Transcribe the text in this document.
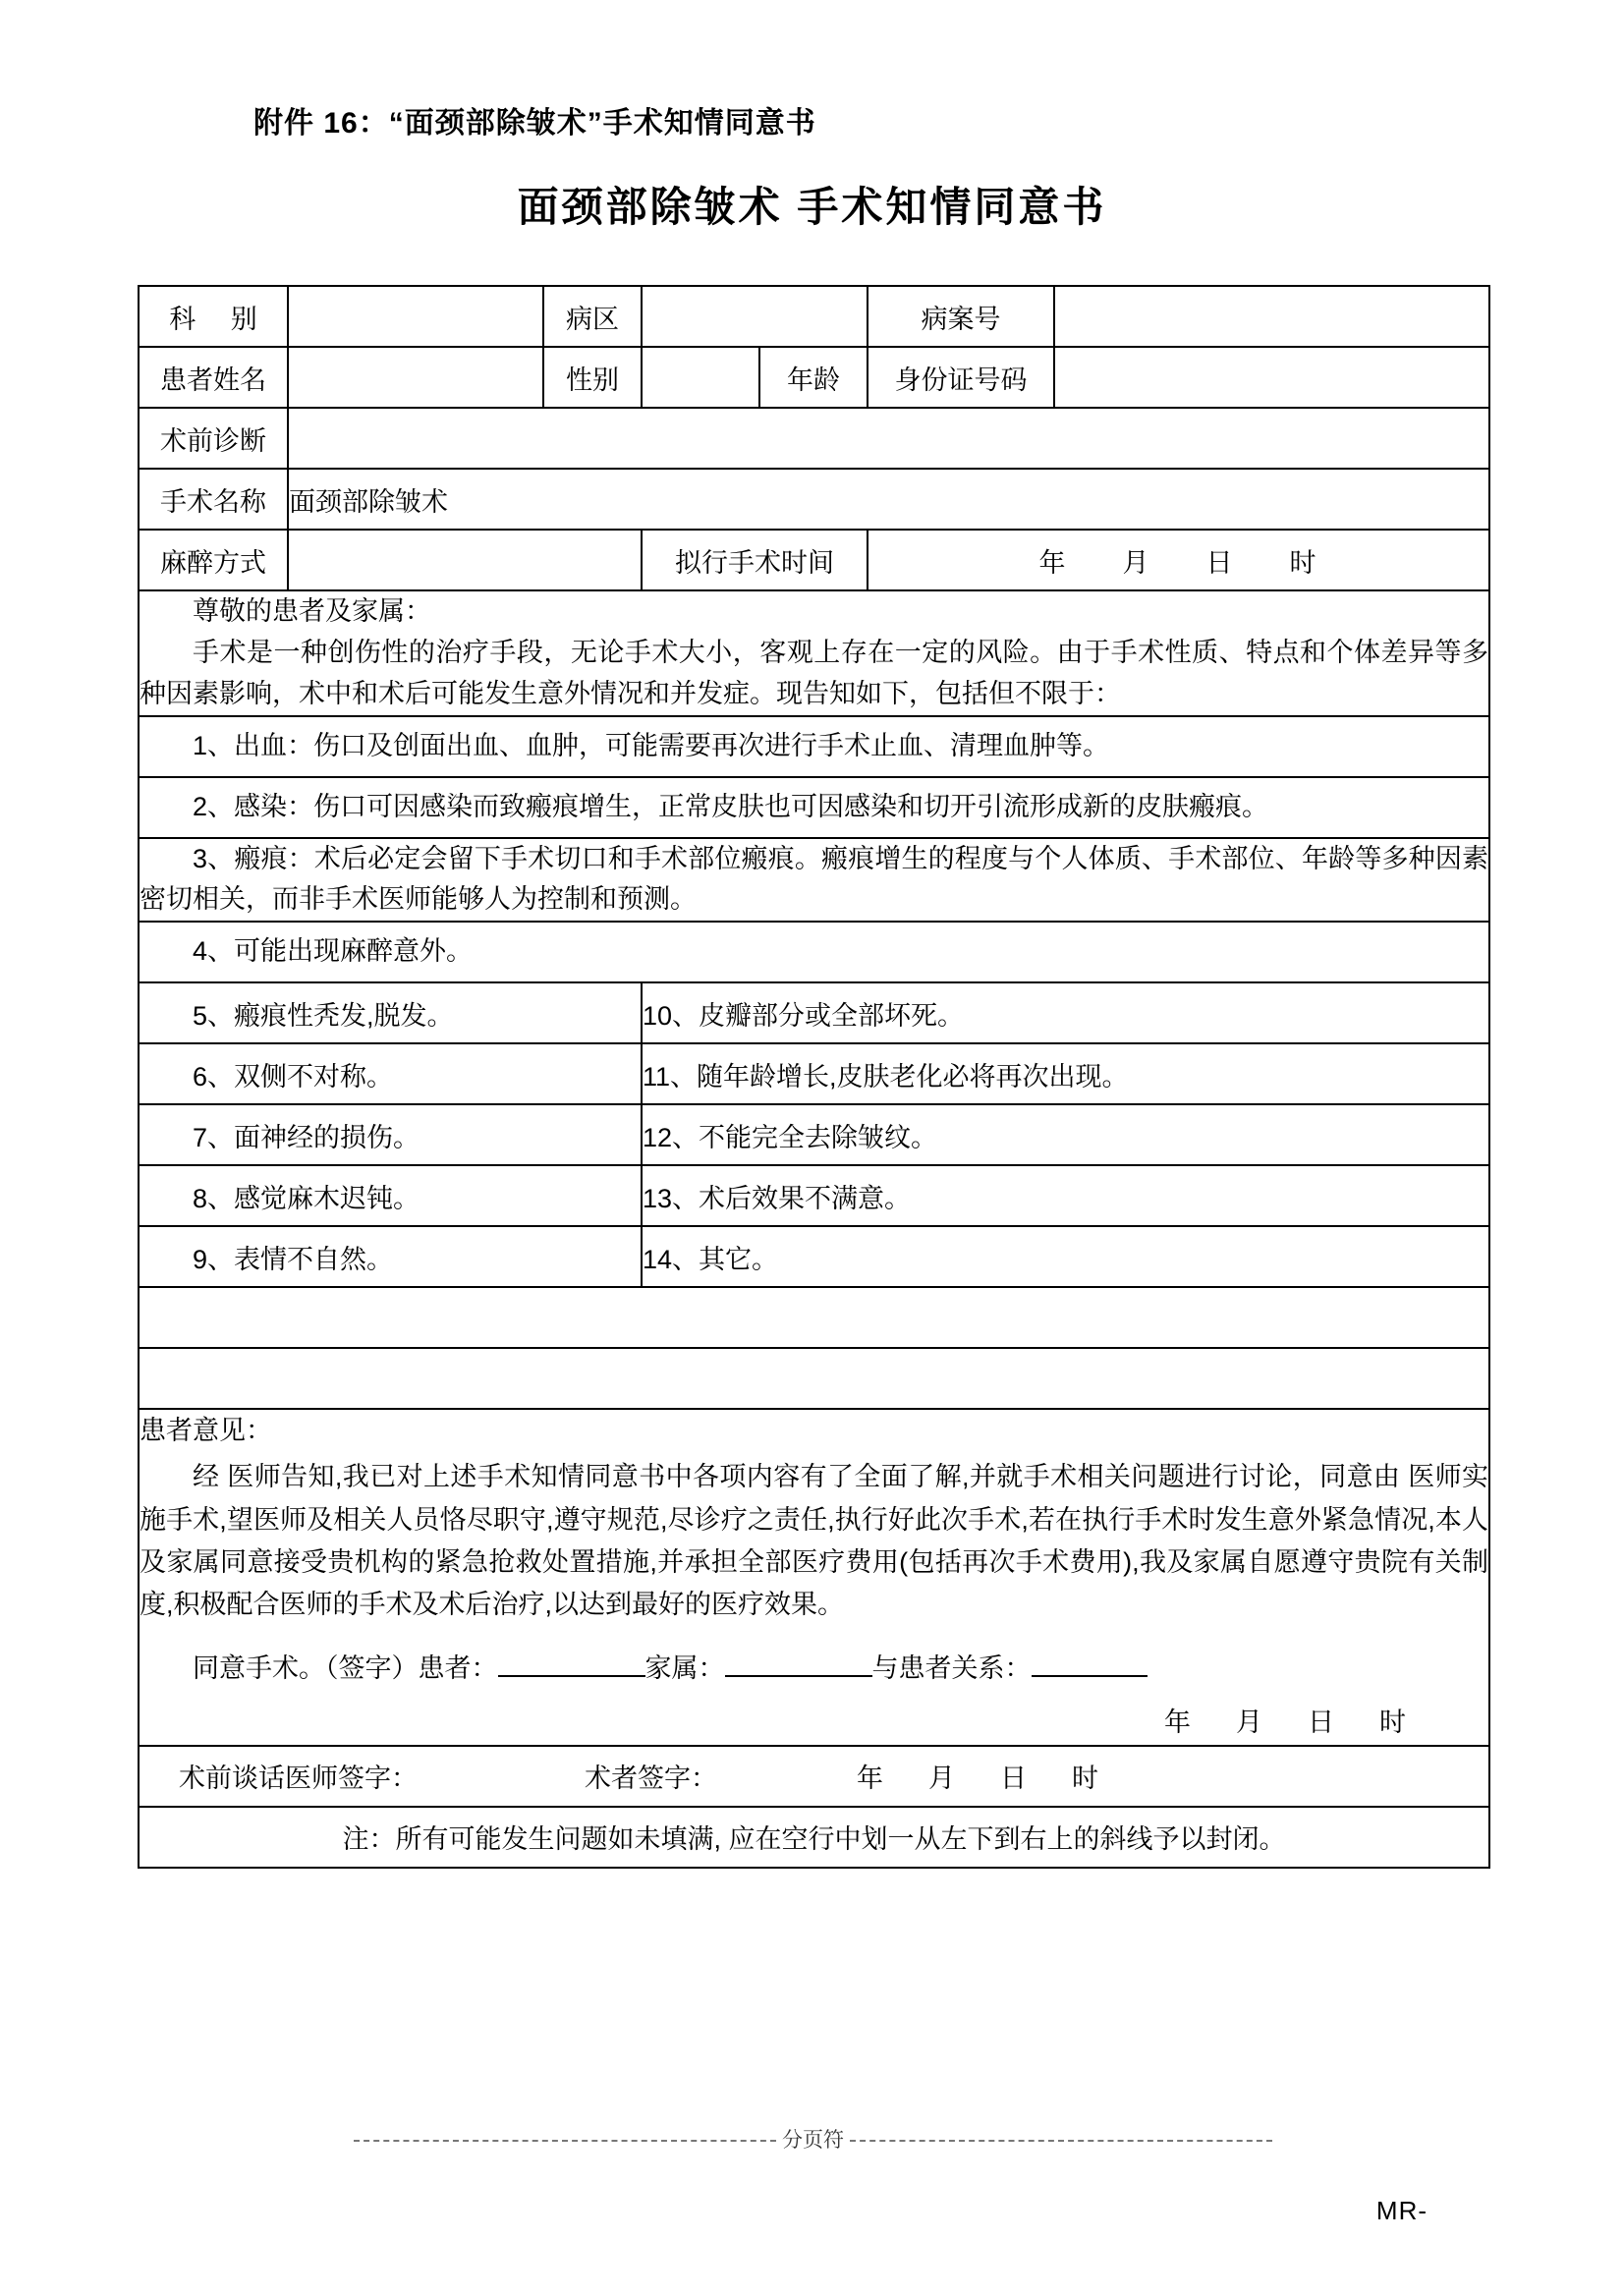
附件 16：“面颈部除皱术”手术知情同意书
面颈部除皱术 手术知情同意书
科 别		病区			病案号	
患者姓名		性别		年龄	身份证号码	
术前诊断						
手术名称	面颈部除皱术					
麻醉方式			拟行手术时间		年 月 日 时	

尊敬的患者及家属：
手术是一种创伤性的治疗手段，无论手术大小，客观上存在一定的风险。由于手术性质、特点和个体差异等多种因素影响，术中和术后可能发生意外情况和并发症。现告知如下，包括但不限于：						

1、出血：伤口及创面出血、血肿，可能需要再次进行手术止血、清理血肿等。						
2、感染：伤口可因感染而致瘢痕增生，正常皮肤也可因感染和切开引流形成新的皮肤瘢痕。						
3、瘢痕：术后必定会留下手术切口和手术部位瘢痕。瘢痕增生的程度与个人体质、手术部位、年龄等多种因素密切相关，而非手术医师能够人为控制和预测。						
4、可能出现麻醉意外。						
5、瘢痕性秃发,脱发。			10、皮瓣部分或全部坏死。			
6、双侧不对称。			11、随年龄增长,皮肤老化必将再次出现。			
7、面神经的损伤。			12、不能完全去除皱纹。			
8、感觉麻木迟钝。			13、术后效果不满意。			
9、表情不自然。			14、其它。			

患者意见：
经 医师告知,我已对上述手术知情同意书中各项内容有了全面了解,并就手术相关问题进行讨论，同意由 医师实施手术,望医师及相关人员恪尽职守,遵守规范,尽诊疗之责任,执行好此次手术,若在执行手术时发生意外紧急情况,本人及家属同意接受贵机构的紧急抢救处置措施,并承担全部医疗费用(包括再次手术费用),我及家属自愿遵守贵院有关制度,积极配合医师的手术及术后治疗,以达到最好的医疗效果。
同意手术。（签字）患者： 家属： 与患者关系：
年 月 日 时						

术前谈话医师签字： 术者签字： 年 月 日 时						
注：所有可能发生问题如未填满, 应在空行中划一从左下到右上的斜线予以封闭。						
分页符
MR-
